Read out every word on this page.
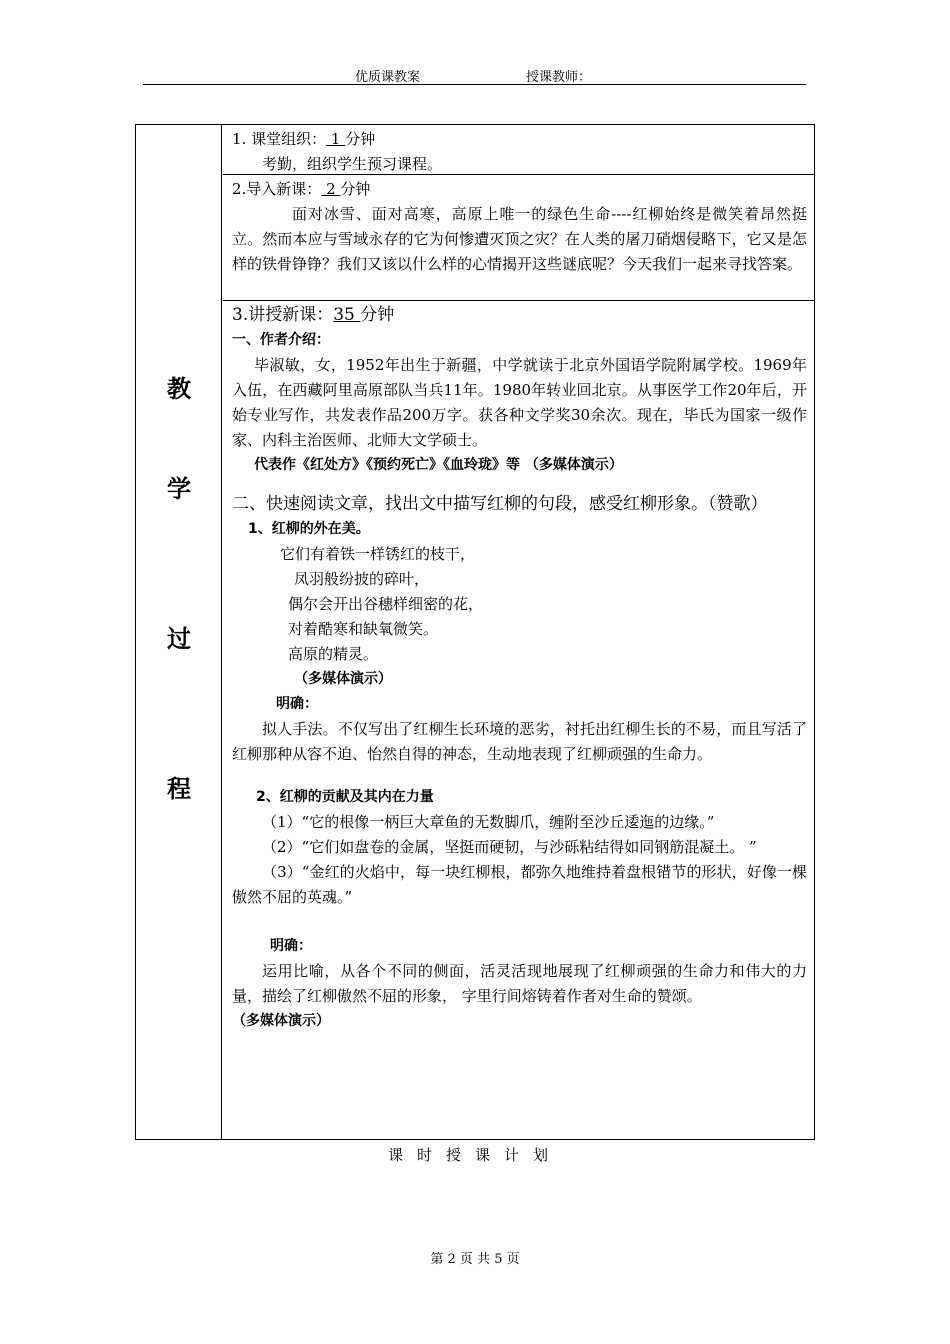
优质课教案	授课教师：
教
学
过
程
1. 课堂组织： 1 分钟
考勤，组织学生预习课程。
2.导入新课： 2 分钟
面对冰雪、面对高寒，高原上唯一的绿色生命----红柳始终是微笑着昂然挺立。然而本应与雪域永存的它为何惨遭灭顶之灾？在人类的屠刀硝烟侵略下，它又是怎样的铁骨铮铮？我们又该以什么样的心情揭开这些谜底呢？今天我们一起来寻找答案。
3.讲授新课：35 分钟
一、作者介绍：
毕淑敏，女，1952年出生于新疆，中学就读于北京外国语学院附属学校。1969年入伍，在西藏阿里高原部队当兵11年。1980年转业回北京。从事医学工作20年后，开始专业写作，共发表作品200万字。获各种文学奖30余次。现在，毕氏为国家一级作家、内科主治医师、北师大文学硕士。
代表作《红处方》《预约死亡》《血玲珑》等 （多媒体演示）
二、快速阅读文章，找出文中描写红柳的句段，感受红柳形象。（赞歌）
1、红柳的外在美。
它们有着铁一样锈红的枝干，
凤羽般纷披的碎叶，
偶尔会开出谷穗样细密的花，
对着酷寒和缺氧微笑。
高原的精灵。
（多媒体演示）
明确：
拟人手法。不仅写出了红柳生长环境的恶劣，衬托出红柳生长的不易，而且写活了红柳那种从容不迫、怡然自得的神态，生动地表现了红柳顽强的生命力。
2、红柳的贡献及其内在力量
（1）“它的根像一柄巨大章鱼的无数脚爪，缠附至沙丘逶迤的边缘。”
（2）“它们如盘卷的金属，坚挺而硬韧，与沙砾粘结得如同钢筋混凝土。 ”
（3）“金红的火焰中，每一块红柳根，都弥久地维持着盘根错节的形状，好像一棵傲然不屈的英魂。”
明确：
运用比喻，从各个不同的侧面，活灵活现地展现了红柳顽强的生命力和伟大的力量，描绘了红柳傲然不屈的形象， 字里行间熔铸着作者对生命的赞颂。
（多媒体演示）
课时授课计划
第 2 页 共 5 页
